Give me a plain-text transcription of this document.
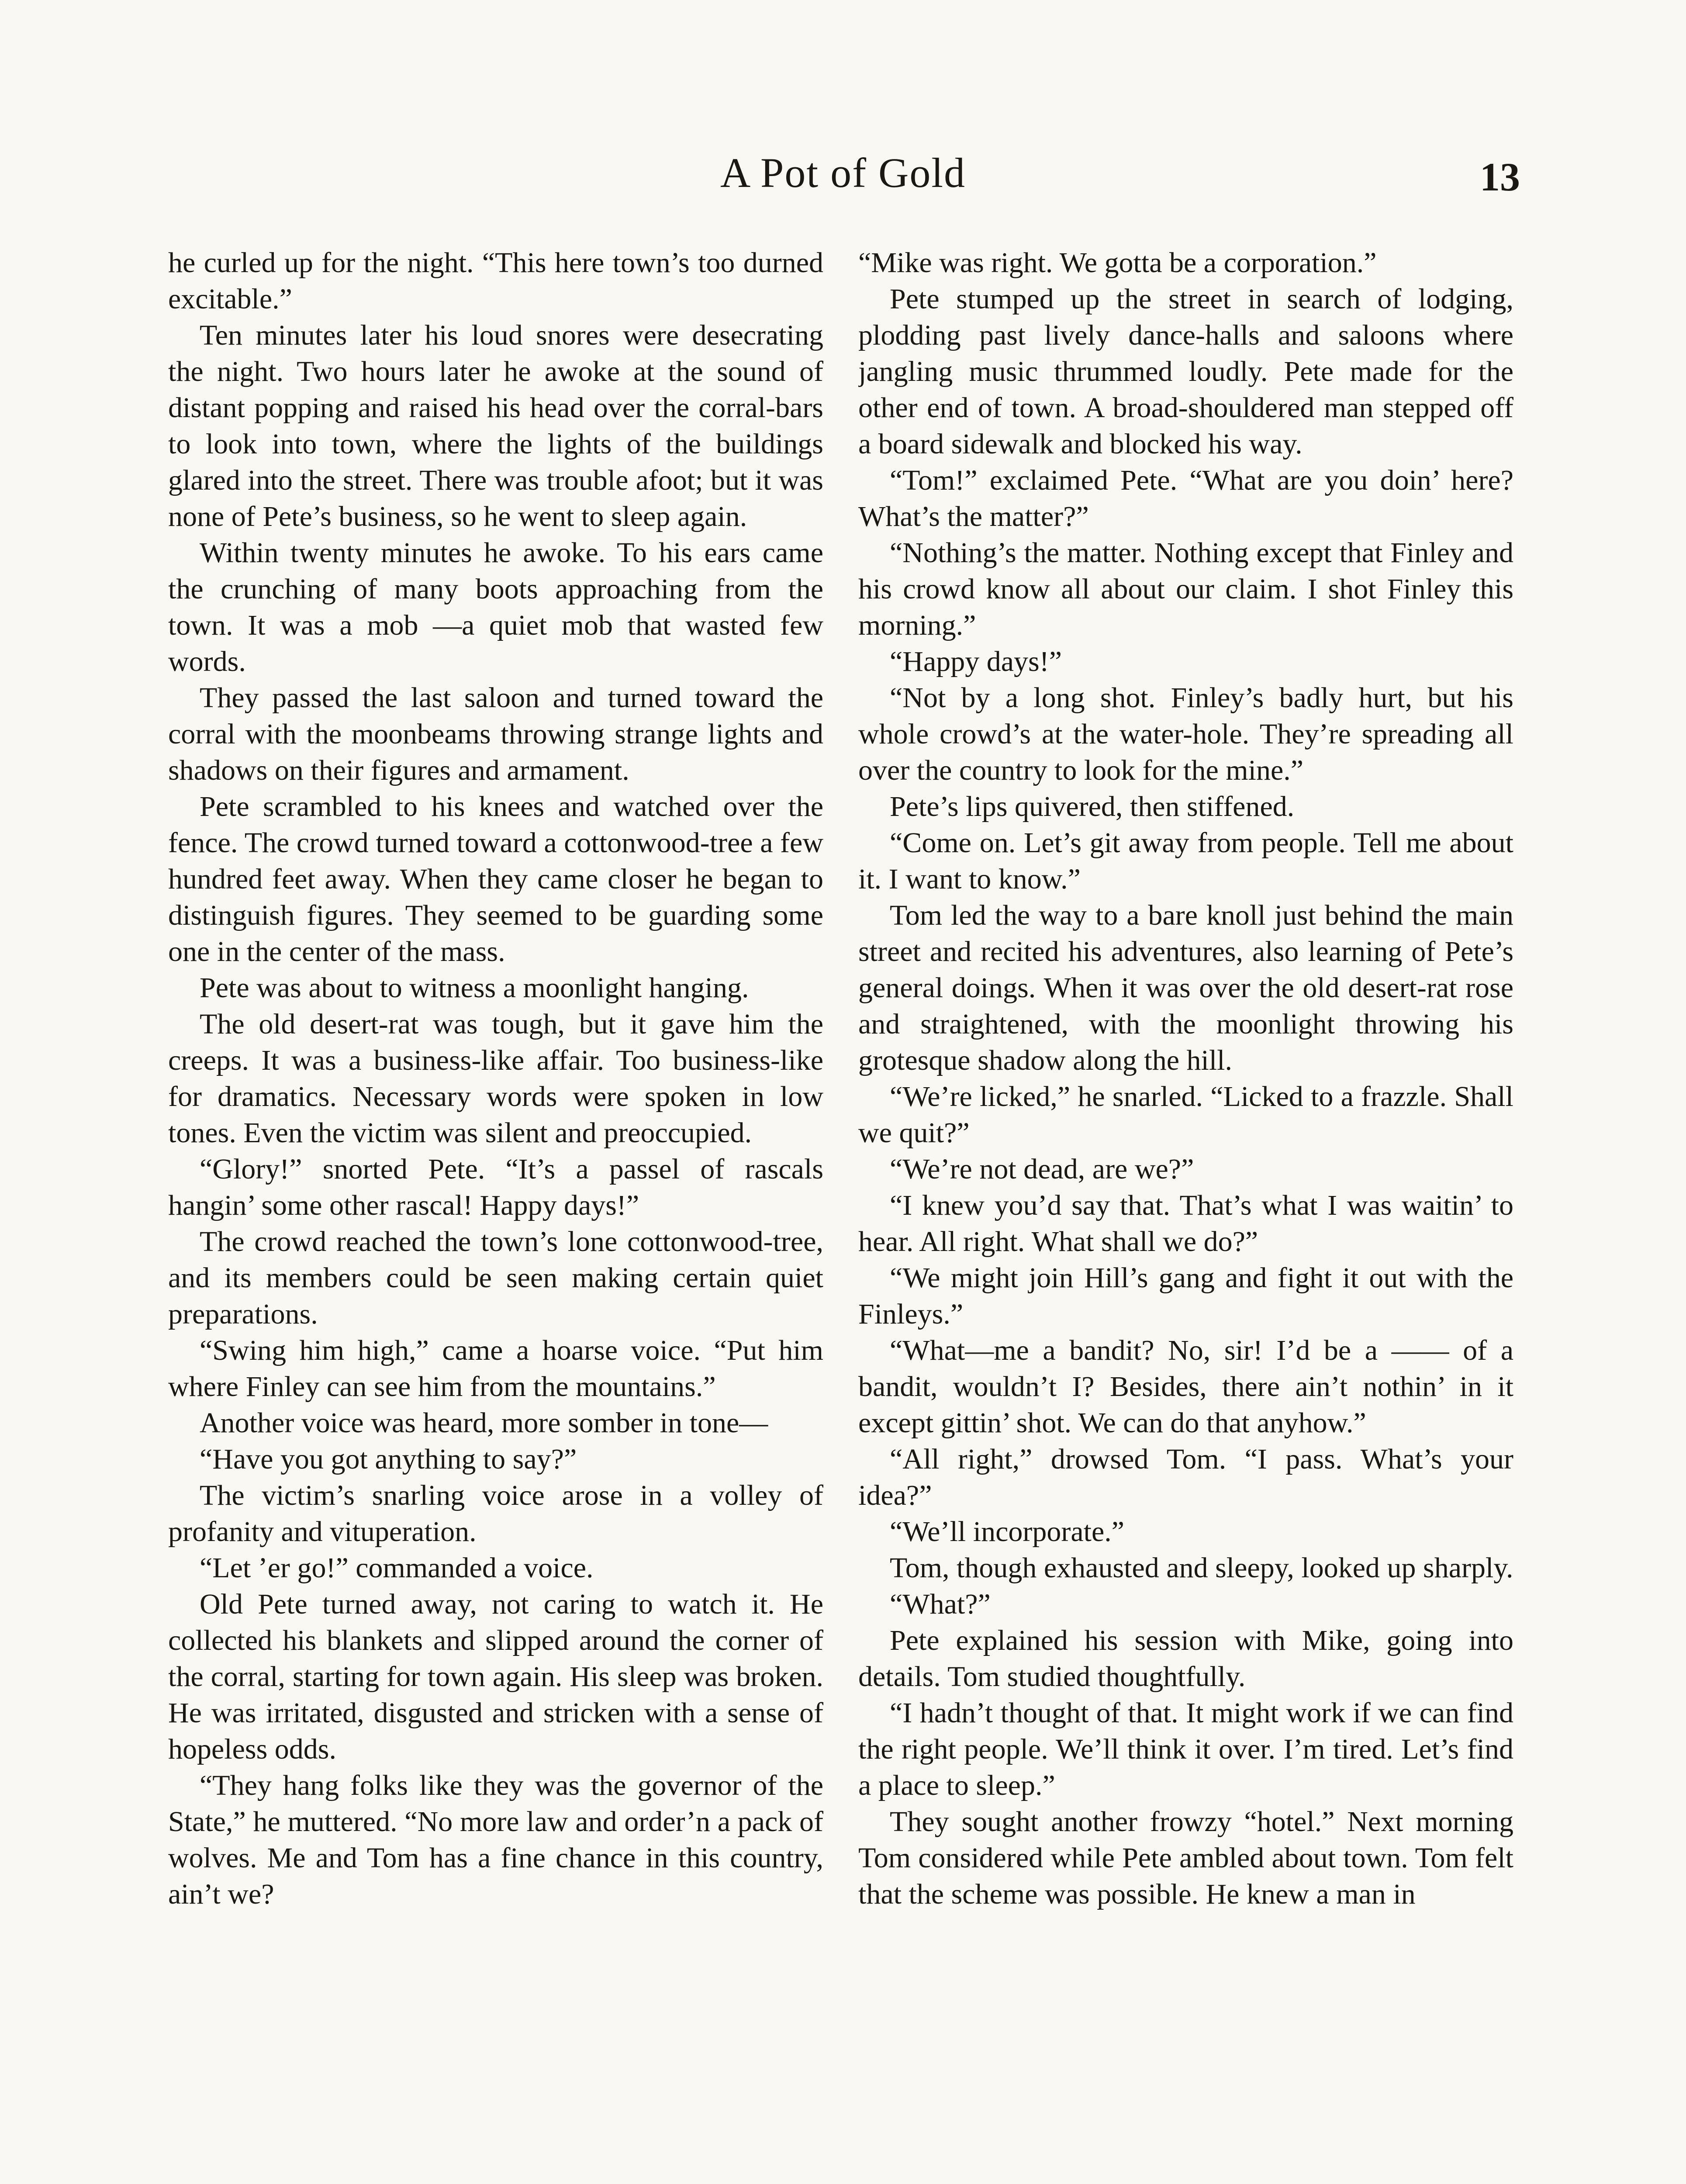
A Pot of Gold	13

he curled up for the night. “This here town’s too durned excitable.”

Ten minutes later his loud snores were desecrating the night. Two hours later he awoke at the sound of distant popping and raised his head over the corral-bars to look into town, where the lights of the buildings glared into the street. There was trouble afoot; but it was none of Pete’s business, so he went to sleep again.

Within twenty minutes he awoke. To his ears came the crunching of many boots approaching from the town. It was a mob —a quiet mob that wasted few words.

They passed the last saloon and turned toward the corral with the moonbeams throwing strange lights and shadows on their figures and armament.

Pete scrambled to his knees and watched over the fence. The crowd turned toward a cottonwood-tree a few hundred feet away. When they came closer he began to distinguish figures. They seemed to be guarding some one in the center of the mass.

Pete was about to witness a moonlight hanging.

The old desert-rat was tough, but it gave him the creeps. It was a business-like affair. Too business-like for dramatics. Necessary words were spoken in low tones. Even the victim was silent and preoccupied.

“Glory!” snorted Pete. “It’s a passel of rascals hangin’ some other rascal! Happy days!”

The crowd reached the town’s lone cottonwood-tree, and its members could be seen making certain quiet preparations.

“Swing him high,” came a hoarse voice. “Put him where Finley can see him from the mountains.”

Another voice was heard, more somber in tone—

“Have you got anything to say?”

The victim’s snarling voice arose in a volley of profanity and vituperation.

“Let ’er go!” commanded a voice.

Old Pete turned away, not caring to watch it. He collected his blankets and slipped around the corner of the corral, starting for town again. His sleep was broken. He was irritated, disgusted and stricken with a sense of hopeless odds.

“They hang folks like they was the governor of the State,” he muttered. “No more law and order’n a pack of wolves. Me and Tom has a fine chance in this country, ain’t we?

“Mike was right. We gotta be a corporation.”

Pete stumped up the street in search of lodging, plodding past lively dance-halls and saloons where jangling music thrummed loudly. Pete made for the other end of town. A broad-shouldered man stepped off a board sidewalk and blocked his way.

“Tom!” exclaimed Pete. “What are you doin’ here? What’s the matter?”

“Nothing’s the matter. Nothing except that Finley and his crowd know all about our claim. I shot Finley this morning.”

“Happy days!”

“Not by a long shot. Finley’s badly hurt, but his whole crowd’s at the water-hole. They’re spreading all over the country to look for the mine.”

Pete’s lips quivered, then stiffened.

“Come on. Let’s git away from people. Tell me about it. I want to know.”

Tom led the way to a bare knoll just behind the main street and recited his adventures, also learning of Pete’s general doings. When it was over the old desert-rat rose and straightened, with the moonlight throwing his grotesque shadow along the hill.

“We’re licked,” he snarled. “Licked to a frazzle. Shall we quit?”

“We’re not dead, are we?”

“I knew you’d say that. That’s what I was waitin’ to hear. All right. What shall we do?”

“We might join Hill’s gang and fight it out with the Finleys.”

“What—me a bandit? No, sir! I’d be a —— of a bandit, wouldn’t I? Besides, there ain’t nothin’ in it except gittin’ shot. We can do that anyhow.”

“All right,” drowsed Tom. “I pass. What’s your idea?”

“We’ll incorporate.”

Tom, though exhausted and sleepy, looked up sharply.

“What?”

Pete explained his session with Mike, going into details. Tom studied thoughtfully.

“I hadn’t thought of that. It might work if we can find the right people. We’ll think it over. I’m tired. Let’s find a place to sleep.”

They sought another frowzy “hotel.” Next morning Tom considered while Pete ambled about town. Tom felt that the scheme was possible. He knew a man in
